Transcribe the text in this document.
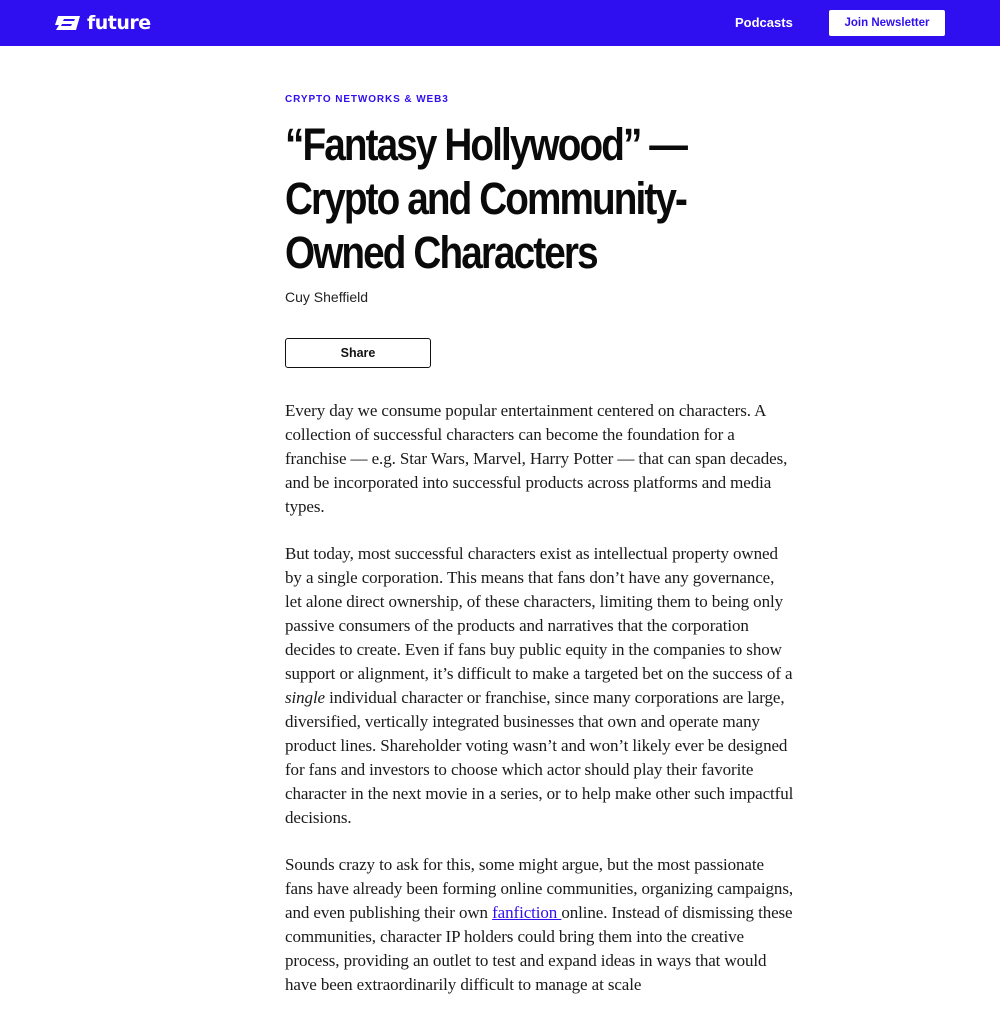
future	Podcasts	Join Newsletter
CRYPTO NETWORKS & WEB3
“Fantasy Hollywood” —
Crypto and Community-
Owned Characters
Cuy Sheffield
Share

Every day we consume popular entertainment centered on characters. A collection of successful characters can become the foundation for a franchise — e.g. Star Wars, Marvel, Harry Potter — that can span decades, and be incorporated into successful products across platforms and media types.

But today, most successful characters exist as intellectual property owned by a single corporation. This means that fans don’t have any governance, let alone direct ownership, of these characters, limiting them to being only passive consumers of the products and narratives that the corporation decides to create. Even if fans buy public equity in the companies to show support or alignment, it’s difficult to make a targeted bet on the success of a single individual character or franchise, since many corporations are large, diversified, vertically integrated businesses that own and operate many product lines. Shareholder voting wasn’t and won’t likely ever be designed for fans and investors to choose which actor should play their favorite character in the next movie in a series, or to help make other such impactful decisions.

Sounds crazy to ask for this, some might argue, but the most passionate fans have already been forming online communities, organizing campaigns, and even publishing their own fanfiction online. Instead of dismissing these communities, character IP holders could bring them into the creative process, providing an outlet to test and expand ideas in ways that would have been extraordinarily difficult to manage at scale
